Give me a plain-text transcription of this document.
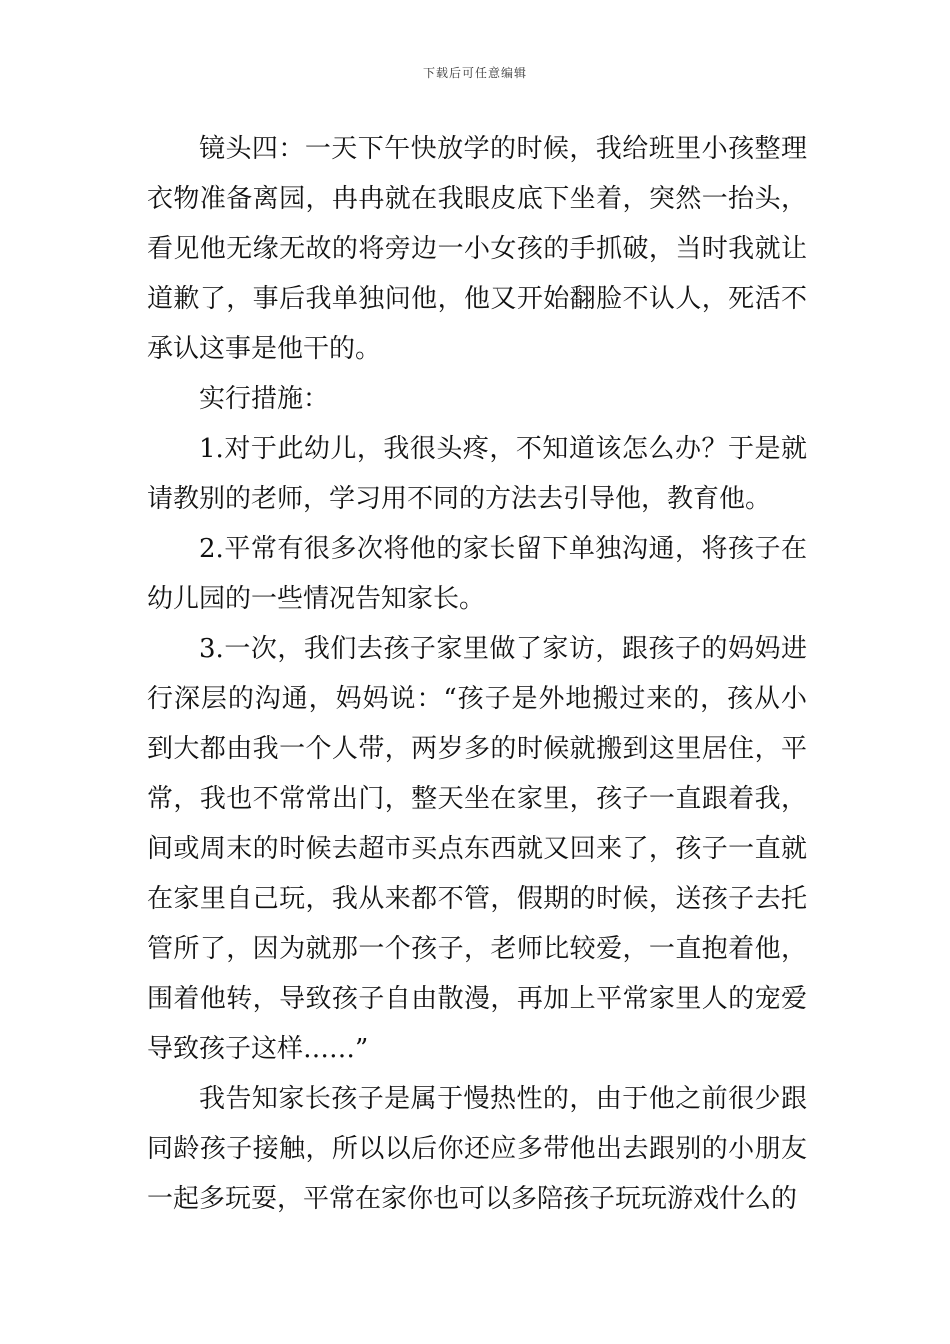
下载后可任意编辑

镜头四：一天下午快放学的时候，我给班里小孩整理衣物准备离园，冉冉就在我眼皮底下坐着，突然一抬头，看见他无缘无故的将旁边一小女孩的手抓破，当时我就让道歉了，事后我单独问他，他又开始翻脸不认人，死活不承认这事是他干的。

实行措施：

1.对于此幼儿，我很头疼，不知道该怎么办？于是就请教别的老师，学习用不同的方法去引导他，教育他。

2.平常有很多次将他的家长留下单独沟通，将孩子在幼儿园的一些情况告知家长。

3.一次，我们去孩子家里做了家访，跟孩子的妈妈进行深层的沟通，妈妈说：“孩子是外地搬过来的，孩从小到大都由我一个人带，两岁多的时候就搬到这里居住，平常，我也不常常出门，整天坐在家里，孩子一直跟着我，间或周末的时候去超市买点东西就又回来了，孩子一直就在家里自己玩，我从来都不管，假期的时候，送孩子去托管所了，因为就那一个孩子，老师比较爱，一直抱着他，围着他转，导致孩子自由散漫，再加上平常家里人的宠爱导致孩子这样……”

我告知家长孩子是属于慢热性的，由于他之前很少跟同龄孩子接触，所以以后你还应多带他出去跟别的小朋友一起多玩耍，平常在家你也可以多陪孩子玩玩游戏什么的
